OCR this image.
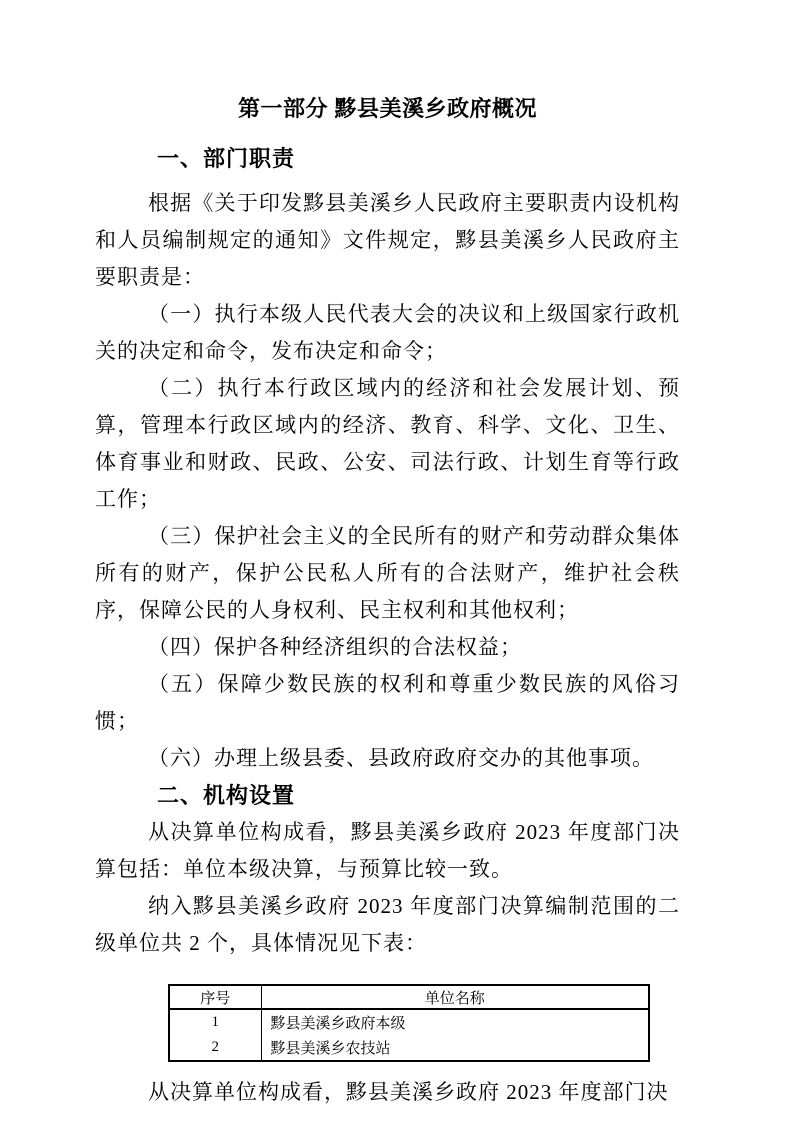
第一部分 黟县美溪乡政府概况
一、部门职责

根据《关于印发黟县美溪乡人民政府主要职责内设机构和人员编制规定的通知》文件规定，黟县美溪乡人民政府主要职责是：

（一）执行本级人民代表大会的决议和上级国家行政机关的决定和命令，发布决定和命令；

（二）执行本行政区域内的经济和社会发展计划、预算，管理本行政区域内的经济、教育、科学、文化、卫生、体育事业和财政、民政、公安、司法行政、计划生育等行政工作；

（三）保护社会主义的全民所有的财产和劳动群众集体所有的财产，保护公民私人所有的合法财产，维护社会秩序，保障公民的人身权利、民主权利和其他权利；

（四）保护各种经济组织的合法权益；

（五）保障少数民族的权利和尊重少数民族的风俗习惯；

（六）办理上级县委、县政府政府交办的其他事项。

二、机构设置

从决算单位构成看，黟县美溪乡政府 2023 年度部门决算包括：单位本级决算，与预算比较一致。

纳入黟县美溪乡政府 2023 年度部门决算编制范围的二级单位共 2 个，具体情况见下表：

序号	单位名称
1	黟县美溪乡政府本级
2	黟县美溪乡农技站

从决算单位构成看，黟县美溪乡政府 2023 年度部门决
